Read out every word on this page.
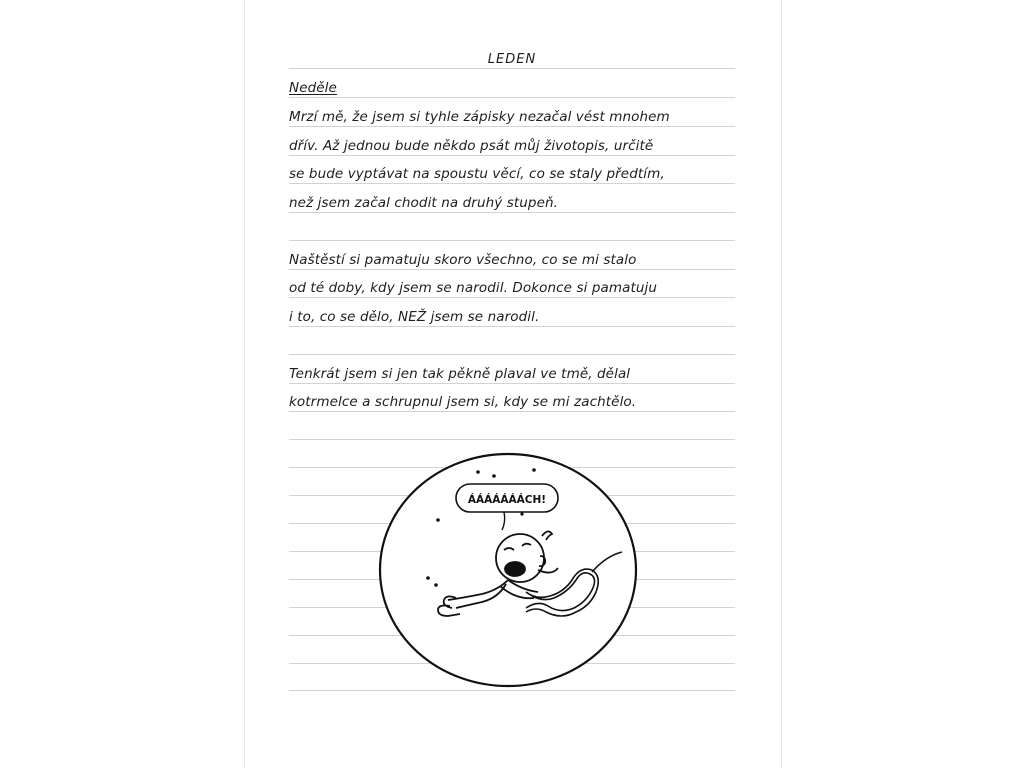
LEDEN
Neděle
Mrzí mě, že jsem si tyhle zápisky nezačal vést mnohem
dřív. Až jednou bude někdo psát můj životopis, určitě
se bude vyptávat na spoustu věcí, co se staly předtím,
než jsem začal chodit na druhý stupeň.
Naštěstí si pamatuju skoro všechno, co se mi stalo
od té doby, kdy jsem se narodil. Dokonce si pamatuju
i to, co se dělo, NEŽ jsem se narodil.
Tenkrát jsem si jen tak pěkně plaval ve tmě, dělal
kotrmelce a schrupnul jsem si, kdy se mi zachtělo.
ÁÁÁÁÁÁÁCH!
